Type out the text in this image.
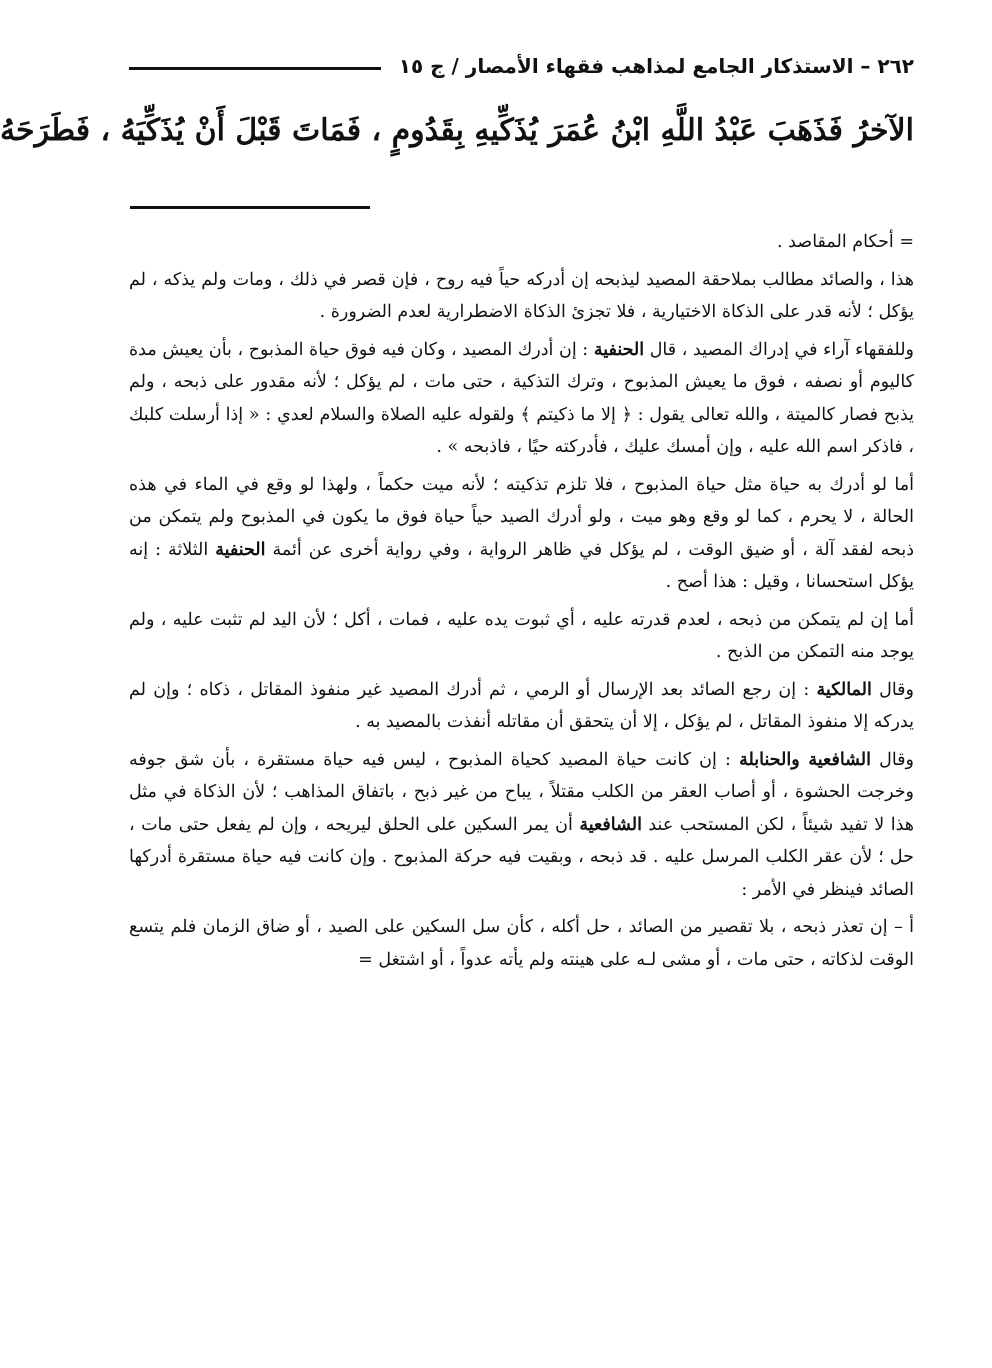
٢٦٢
–
الاستذكار الجامع لمذاهب فقهاء الأمصار / ج ١٥
الآخرُ فَذَهَبَ عَبْدُ اللَّهِ ابْنُ عُمَرَ يُذَكِّيهِ بِقَدُومٍ ، فَمَاتَ قَبْلَ أَنْ يُذَكِّيَهُ ، فَطَرَحَهُ

= أحكام المقاصد .

هذا ، والصائد مطالب بملاحقة المصيد ليذبحه إن أدركه حياً فيه روح ، فإن قصر في ذلك ، ومات ولم يذكه ، لم يؤكل ؛ لأنه قدر على الذكاة الاختيارية ، فلا تجزئ الذكاة الاضطرارية لعدم الضرورة .

وللفقهاء آراء في إدراك المصيد ، قال الحنفية : إن أدرك المصيد ، وكان فيه فوق حياة المذبوح ، بأن يعيش مدة كاليوم أو نصفه ، فوق ما يعيش المذبوح ، وترك التذكية ، حتى مات ، لم يؤكل ؛ لأنه مقدور على ذبحه ، ولم يذبح فصار كالميتة ، والله تعالى يقول : ﴿ إلا ما ذكيتم ﴾ ولقوله عليه الصلاة والسلام لعدي : « إذا أرسلت كلبك ، فاذكر اسم الله عليه ، وإن أمسك عليك ، فأدركته حيًا ، فاذبحه » .

أما لو أدرك به حياة مثل حياة المذبوح ، فلا تلزم تذكيته ؛ لأنه ميت حكماً ، ولهذا لو وقع في الماء في هذه الحالة ، لا يحرم ، كما لو وقع وهو ميت ، ولو أدرك الصيد حياً حياة فوق ما يكون في المذبوح ولم يتمكن من ذبحه لفقد آلة ، أو ضيق الوقت ، لم يؤكل في ظاهر الرواية ، وفي رواية أخرى عن أئمة الحنفية الثلاثة : إنه يؤكل استحسانا ، وقيل : هذا أصح .

أما إن لم يتمكن من ذبحه ، لعدم قدرته عليه ، أي ثبوت يده عليه ، فمات ، أكل ؛ لأن اليد لم تثبت عليه ، ولم يوجد منه التمكن من الذبح .

وقال المالكية : إن رجع الصائد بعد الإرسال أو الرمي ، ثم أدرك المصيد غير منفوذ المقاتل ، ذكاه ؛ وإن لم يدركه إلا منفوذ المقاتل ، لم يؤكل ، إلا أن يتحقق أن مقاتله أنفذت بالمصيد به .

وقال الشافعية والحنابلة : إن كانت حياة المصيد كحياة المذبوح ، ليس فيه حياة مستقرة ، بأن شق جوفه وخرجت الحشوة ، أو أصاب العقر من الكلب مقتلاً ، يباح من غير ذبح ، باتفاق المذاهب ؛ لأن الذكاة في مثل هذا لا تفيد شيئاً ، لكن المستحب عند الشافعية أن يمر السكين على الحلق ليريحه ، وإن لم يفعل حتى مات ، حل ؛ لأن عقر الكلب المرسل عليه . قد ذبحه ، وبقيت فيه حركة المذبوح . وإن كانت فيه حياة مستقرة أدركها الصائد فينظر في الأمر :

أ – إن تعذر ذبحه ، بلا تقصير من الصائد ، حل أكله ، كأن سل السكين على الصيد ، أو ضاق الزمان فلم يتسع الوقت لذكاته ، حتى مات ، أو مشى لـه على هينته ولم يأته عدواً ، أو اشتغل =
